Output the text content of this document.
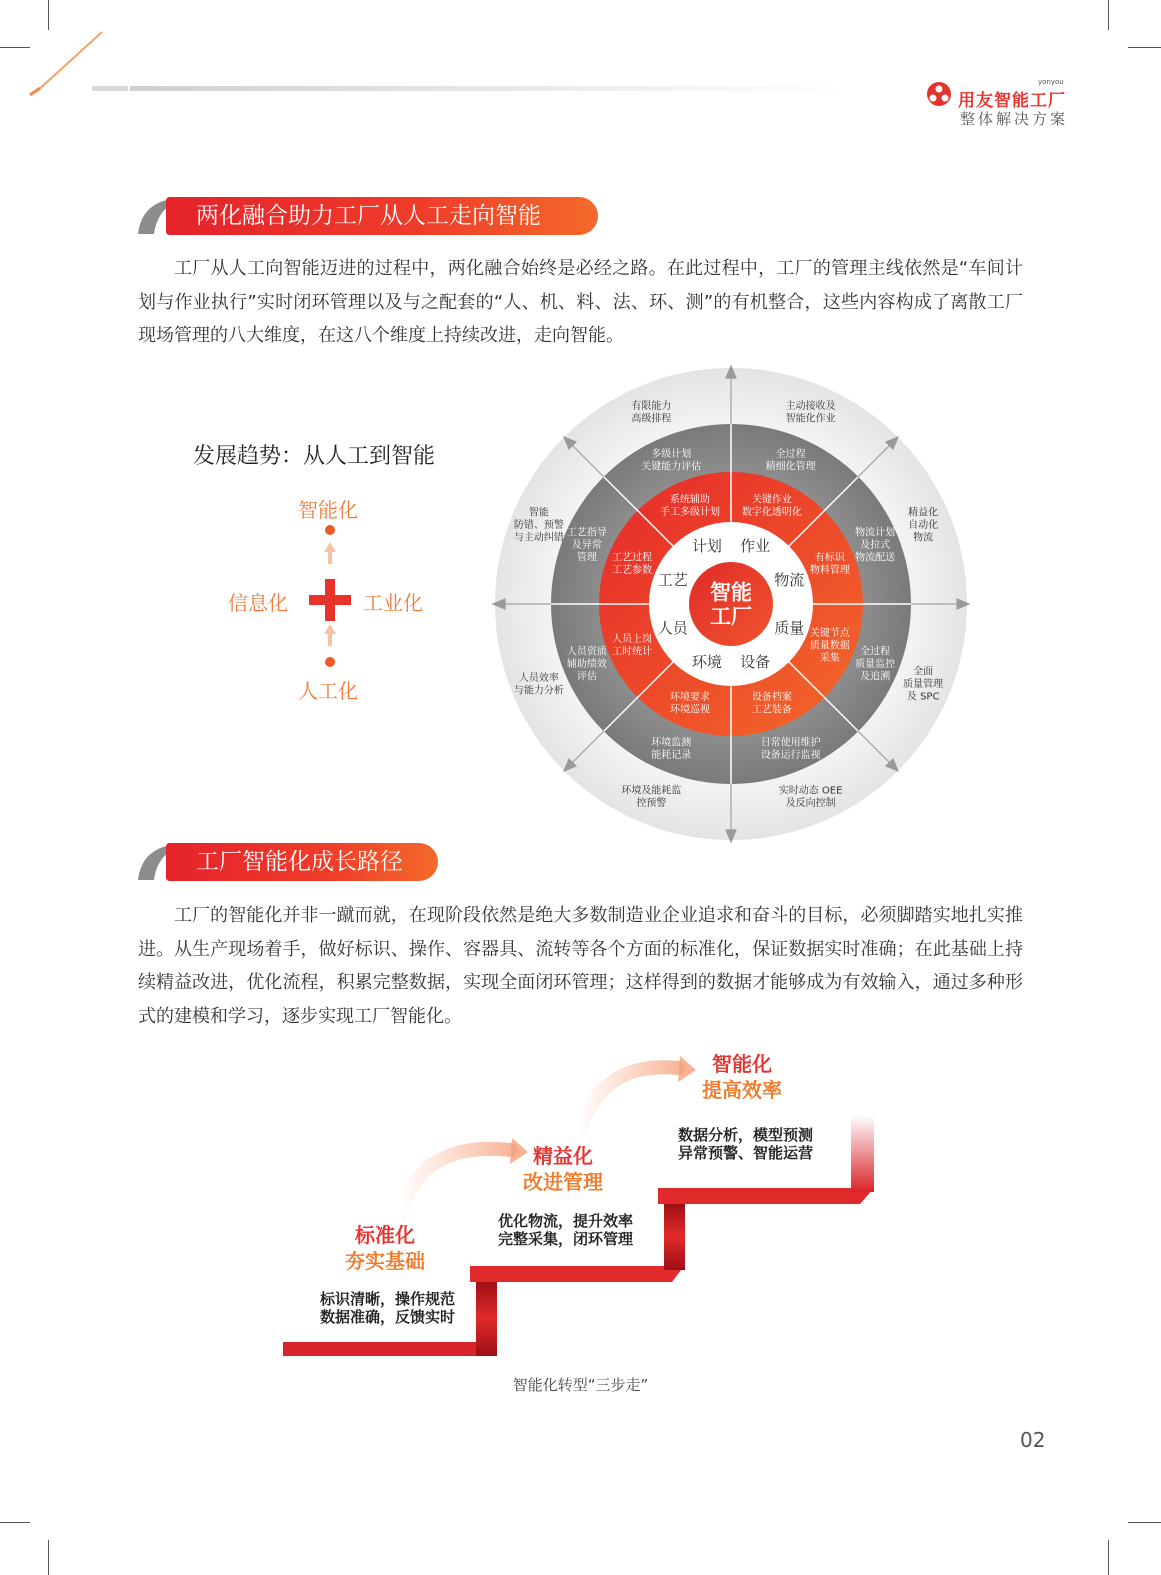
yonyou
用友智能工厂
整体解决方案
两化融合助力工厂从人工走向智能

工厂从人工向智能迈进的过程中，两化融合始终是必经之路。在此过程中，工厂的管理主线依然是“车间计划与作业执行”实时闭环管理以及与之配套的“人、机、料、法、环、测”的有机整合，这些内容构成了离散工厂现场管理的八大维度，在这八个维度上持续改进，走向智能。

发展趋势：从人工到智能
智能化
信息化	工业化
人工化
智能工厂
计划 作业
物流
质量
设备
环境
人员
工艺
系统辅助手工多级计划
关键作业数字化透明化
有标识物料管理
关键节点质量数据采集
设备档案工艺装备
环境要求环境巡视
人员上岗工时统计
工艺过程工艺参数
多级计划关键能力评估
全过程精细化管理
物流计划及拉式物流配送
全过程质量监控及追溯
日常使用维护设备运行监视
环境监测能耗记录
人员资质辅助绩效评估
工艺指导及异常管理
有限能力高级排程
主动接收及智能化作业
精益化自动化物流
全面质量管理及 SPC
实时动态 OEE 及反向控制
环境及能耗监控预警
人员效率与能力分析
智能防错、预警与主动纠错
工厂智能化成长路径

工厂的智能化并非一蹴而就，在现阶段依然是绝大多数制造业企业追求和奋斗的目标，必须脚踏实地扎实推进。从生产现场着手，做好标识、操作、容器具、流转等各个方面的标准化，保证数据实时准确；在此基础上持续精益改进，优化流程，积累完整数据，实现全面闭环管理；这样得到的数据才能够成为有效输入，通过多种形式的建模和学习，逐步实现工厂智能化。

标准化
夯实基础
标识清晰，操作规范
数据准确，反馈实时
精益化
改进管理
优化物流，提升效率
完整采集，闭环管理
智能化
提高效率
数据分析，模型预测
异常预警、智能运营
智能化转型“三步走”
02
